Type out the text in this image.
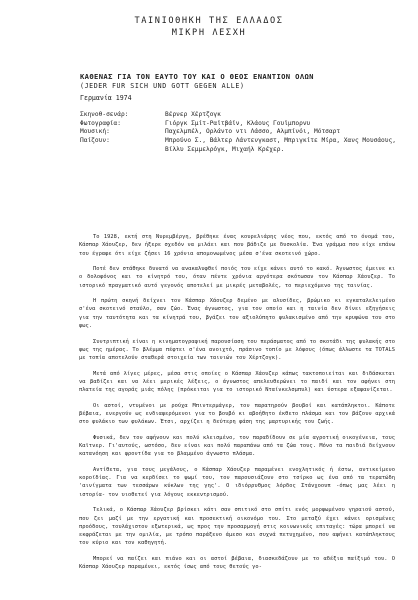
ΤΑΙΝΙΟΘΗΚΗ ΤΗΣ ΕΛΛΑΔΟΣ
ΜΙΚΡΗ ΛΕΣΧΗ
ΚΑΘΕΝΑΣ ΓΙΑ ΤΟΝ ΕΑΥΤΟ ΤΟΥ ΚΑΙ Ο ΘΕΟΣ ΕΝΑΝΤΙΟΝ ΟΛΩΝ
(JEDER FUR SICH UND GOTT GEGEN ALLE)
Γερμανία 1974
Σκηνοθ-σενάρ:	Βέρνερ Χέρτζογκ
Φωτογραφία:	Γιόργκ Σμίτ-Ραϊτβάϊν, Κλάους Γουϊμπορνυ
Μουσική:	Παχελμπέλ, Ορλάντο ντι Λάσσο, Αλμπίνόι, Μότσαρτ
Παίζουν:	Μπρούνο Σ., Βάλτερ Λάντενγκαστ, Μπριγκίτε Μίρα, Χανς Μουσάους,
Βίλλυ Σεμμελρόγκ, Μιχαήλ Κρέχερ.

Το 1928, εκτή στη Νυρεμβέργη, βρέθηκε ένας κουρελιάρης νέος που, εκτός από το όνομά του, Κάσπαρ Χάουζερ, δεν ήξερε σχεδόν να μιλάει και που βάδιζε με δυσκολία. Ένα γράμμα που είχε επάνω του έγραφε ότι είχε ζήσει 16 χρόνια απομονωμένος μέσα σ'ένα σκοτεινό χώρο.

Ποτέ δεν στάθηκε δυνατό να ανακαλυφθεί ποιός του είχε κάνει αυτό το κακό. Άγνωστος έμεινε κι ο δολοφόνος και το κίνητρό του, όταν πέντε χρόνια αργότερα σκότωσαν τον Κάσπαρ Χάουζερ. Το ιστορικό πραγματικό αυτό γεγονός αποτελεί με μικρές μεταβολές, το περιεχόμενο της ταινίας.

Η πρώτη σκηνή δείχνει τον Κάσπαρ Χάουζερ δεμένο με αλυσίδες, βρώμικο κι εγκαταλελειμένο σ'ένα σκοτεινό σταύλο, σαν ζώο. Ένας άγνωστος, για τον οποίο και η ταινία δεν δίνει εξηγήσεις για την ταυτότητα και τα κίνητρά του, βγάζει τον αξιολύπητο φυλακισμένο από την κρυψώνα του στο φως.

Συντριπτική είναι η κινηματογραφική παρουσίαση του περάσματος από το σκοτάδι της φυλακής στο φως της ημέρας. Το βλέμμα πέφτει σ'ένα ανοιχτό, πράσινο τοπίο με λόφους (όπως άλλωστε τα TOTALS με τοπία αποτελούν σταθερά στοιχεία των ταινιών του Χέρτζογκ).

Μετά από λίγες μέρες, μέσα στις οποίες ο Κάσπαρ Χάουζερ κάπως τακτοποιείται και διδάσκεται να βαδίζει και να λέει μερικές λέξεις, ο άγνωστος απελευθερώνει το παιδί και τον αφήνει στη πλατεία της αγοράς μιάς πόλης (πρόκειται για το ιστορικό Νταίνκελσμπυλ) και ύστερα εξαφανίζεται.

Οι αστοί, ντυμένοι με ρούχα Μπιντερμάγερ, τον παρατηρούν βουβοί και κατάπληκτοι. Κάποτε βέβαια, ενεργούν ως ενδιαφερόμενοι για το βουβό κι αβοήθητο έκθετο πλάσμα και τον βάζουν αρχικά στο φυλάκιο των φυλάκων. Έτσι, αρχίζει η δεύτερη φάση της μαρτυρικής του ζωής.

Φυσικά, δεν τον αφήνουν και πολύ κλεισμένο, τον παραδίδουν σε μία αγροτική οικογένεια, τους Καϊτνερ. Γι'αυτούς, ωστόσο, δεν είναι και πολύ παραπάνω από τα ζώα τους. Μόνο τα παιδιά δείχνουν κατανόηση και φροντίδα για το βλαμμένο άγνωστο πλάσμα.

Αντίθετα, για τους μεγάλους, ο Κάσπαρ Χάουζερ παραμένει ενοχλητικός ή έστω, αντικείμενο κοροϊδίας. Για να κερδίσει το ψωμί του, τον παρουσιάζουν στο τσίρκο ως ένα από τα τερατώδη 'αινίγματα των τεσσάρων κύκλων της γης'. Ο ιδιόρρυθμος λόρδος Στάνχοουπ -όπως μας λέει η ιστορία- τον υιοθετεί για λόγους εκκεντρισμού.

Τελικά, ο Κάσπαρ Χάουζερ βρίσκει κάτι σαν σπιτικό στο σπίτι ενός μορφωμένου γηραιού αστού, που ζει μαζί με την εργατική και προσεκτική οικονόμο του. Στο μεταξύ έχει κάνει ορισμένες προόδους, τουλάχιστον εξωτερικά, ως προς την προσαρμογή στις κοινωνικές επιταγές: τώρα μπορεί να εκφράζεται με την ομιλία, με τρόπο παράξενο άμεσο και συχνά πετυχημένο, που αφήνει κατάπληκτους τον κύριο και τον καθηγητή.

Μπορεί να παίζει και πιάνο και οι αστοί βέβαια, διασκεδάζουν με το αδέξια παίξιμό του. Ο Κάσπαρ Χάουζερ παραμένει, εκτός ίσως από τους θετούς γο-
